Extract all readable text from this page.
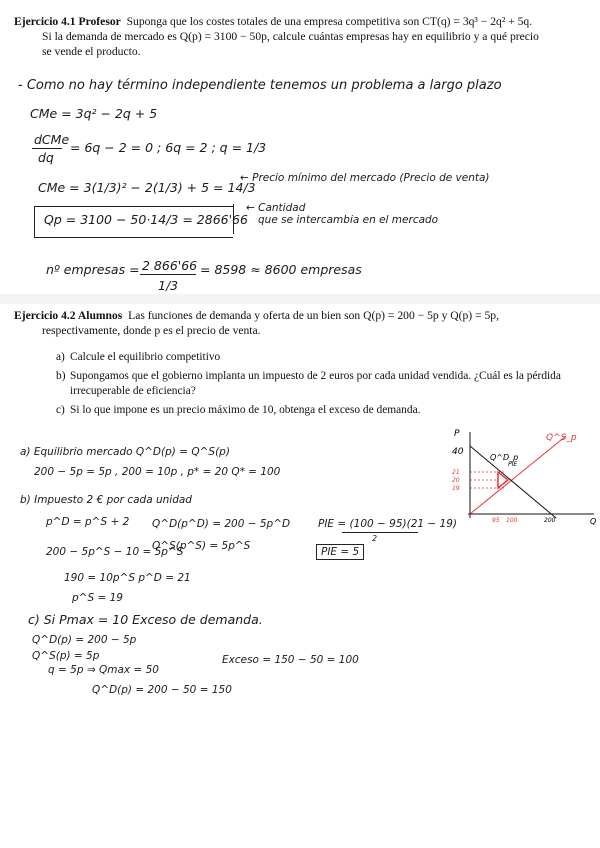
Ejercicio 4.1 Profesor Suponga que los costes totales de una empresa competitiva son CT(q) = 3q³ − 2q² + 5q.
Si la demanda de mercado es Q(p) = 3100 − 50p, calcule cuántas empresas hay en equilibrio y a qué precio
se vende el producto.
- Como no hay término independiente tenemos un problema a largo plazo
CMe = 3q² − 2q + 5
dCMe
dq
= 6q − 2 = 0 ; 6q = 2 ; q = 1/3
CMe = 3(1/3)² − 2(1/3) + 5 = 14/3
← Precio mínimo del mercado (Precio de venta)
Qp = 3100 − 50·14/3 = 2866'66
← Cantidad
que se intercambia en el mercado
nº empresas = 2 866'66
1/3
= 8598 ≈ 8600 empresas
Ejercicio 4.2 Alumnos Las funciones de demanda y oferta de un bien son Q(p) = 200 − 5p y Q(p) = 5p,
respectivamente, donde p es el precio de venta.
a) Calcule el equilibrio competitivo
b) Supongamos que el gobierno implanta un impuesto de 2 euros por cada unidad vendida. ¿Cuál es la pérdida irrecuperable de eficiencia?
c) Si lo que impone es un precio máximo de 10, obtenga el exceso de demanda.
a) Equilibrio mercado Q^D(p) = Q^S(p)
200 − 5p = 5p , 200 = 10p , p* = 20 Q* = 100
b) Impuesto 2 € por cada unidad
p^D = p^S + 2 Q^D(p^D) = 200 − 5p^D
200 − 5p^S − 10 = 5p^S
Q^S(p^S) = 5p^S
190 = 10p^S p^D = 21
p^S = 19
PIE = (100 − 95)(21 − 19)
2
PIE = 5
c) Si Pmax = 10 Exceso de demanda.
Q^D(p) = 200 − 5p
Q^S(p) = 5p
q = 5p ⇒ Qmax = 50
Q^D(p) = 200 − 50 = 150
Exceso = 150 − 50 = 100
P
Q
40
Q^S_p
Q^D_p
21
20
19
PIE
95 100	200
